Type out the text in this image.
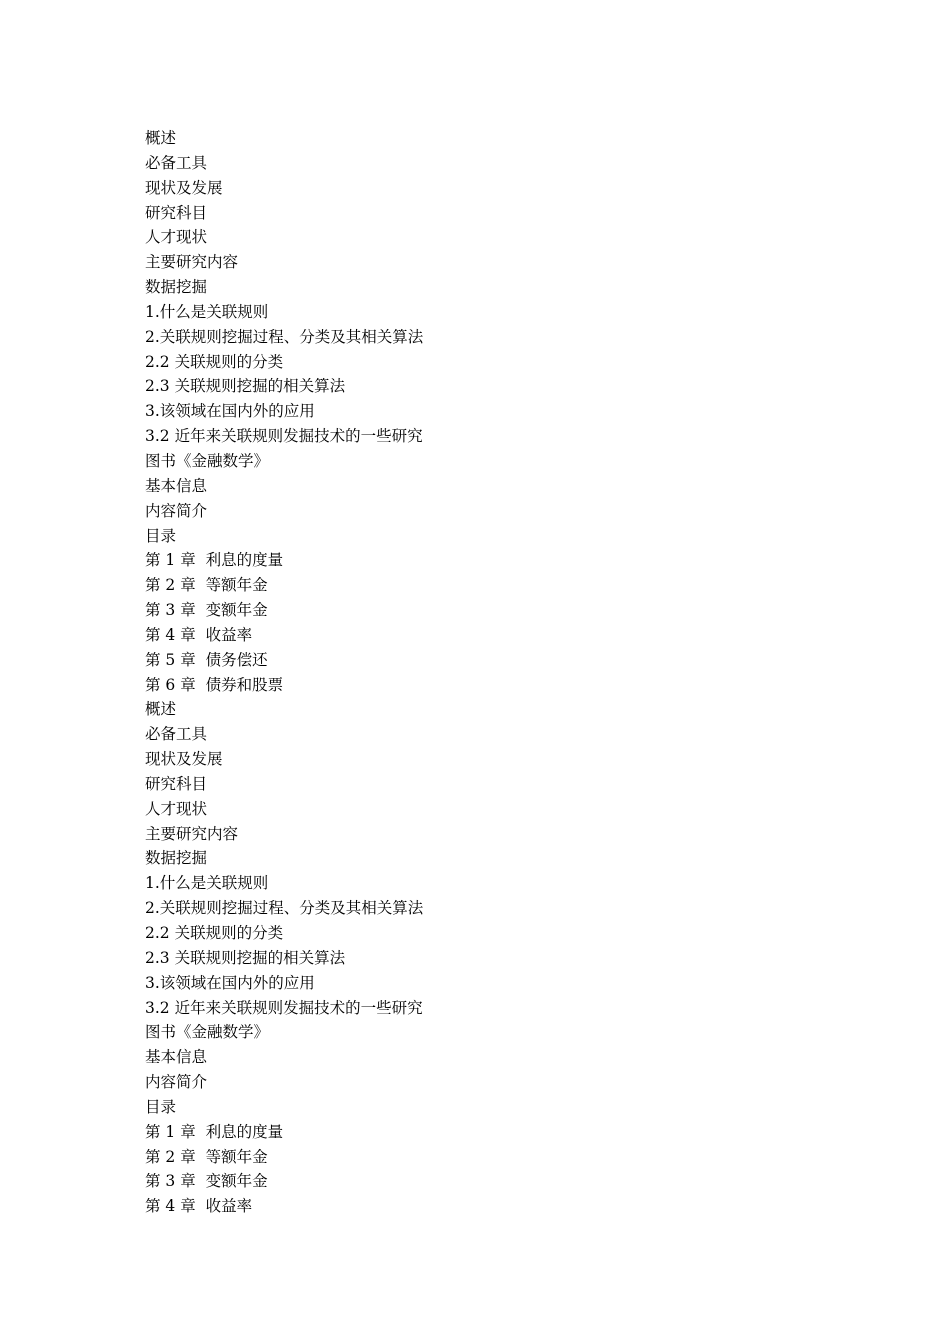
概述
必备工具
现状及发展
研究科目
人才现状
主要研究内容
数据挖掘
1.什么是关联规则
2.关联规则挖掘过程、分类及其相关算法
2.2 关联规则的分类
2.3 关联规则挖掘的相关算法
3.该领域在国内外的应用
3.2 近年来关联规则发掘技术的一些研究
图书《金融数学》
基本信息
内容简介
目录
第 1 章  利息的度量
第 2 章  等额年金
第 3 章  变额年金
第 4 章  收益率
第 5 章  债务偿还
第 6 章  债券和股票
概述
必备工具
现状及发展
研究科目
人才现状
主要研究内容
数据挖掘
1.什么是关联规则
2.关联规则挖掘过程、分类及其相关算法
2.2 关联规则的分类
2.3 关联规则挖掘的相关算法
3.该领域在国内外的应用
3.2 近年来关联规则发掘技术的一些研究
图书《金融数学》
基本信息
内容简介
目录
第 1 章  利息的度量
第 2 章  等额年金
第 3 章  变额年金
第 4 章  收益率
